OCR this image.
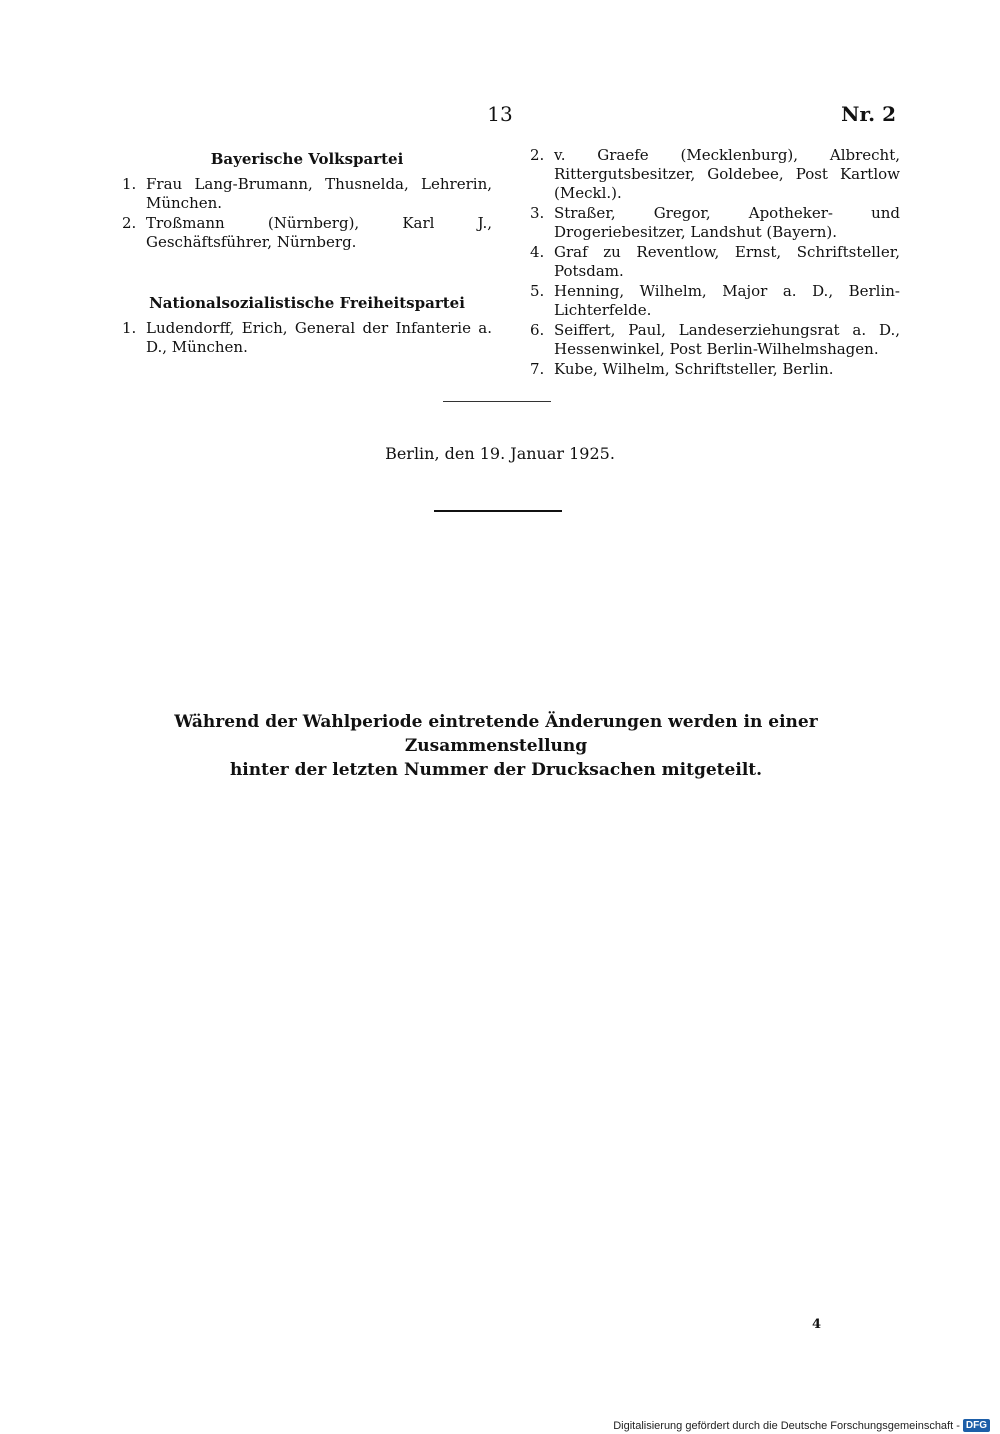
13	Nr. 2
Bayerische Volkspartei
1. Frau Lang-Brumann, Thusnelda, Lehrerin, München.
2. Troßmann (Nürnberg), Karl J., Geschäftsführer, Nürnberg.
Nationalsozialistische Freiheitspartei
1. Ludendorff, Erich, General der Infanterie a. D., München.
2. v. Graefe (Mecklenburg), Albrecht, Rittergutsbesitzer, Goldebee, Post Kartlow (Meckl.).
3. Straßer, Gregor, Apotheker- und Drogeriebesitzer, Landshut (Bayern).
4. Graf zu Reventlow, Ernst, Schriftsteller, Potsdam.
5. Henning, Wilhelm, Major a. D., Berlin-Lichterfelde.
6. Seiffert, Paul, Landeserziehungsrat a. D., Hessenwinkel, Post Berlin-Wilhelmshagen.
7. Kube, Wilhelm, Schriftsteller, Berlin.
Berlin, den 19. Januar 1925.
Während der Wahlperiode eintretende Änderungen werden in einer Zusammenstellung
hinter der letzten Nummer der Drucksachen mitgeteilt.
4
Digitalisierung gefördert durch die Deutsche Forschungsgemeinschaft - DFG
